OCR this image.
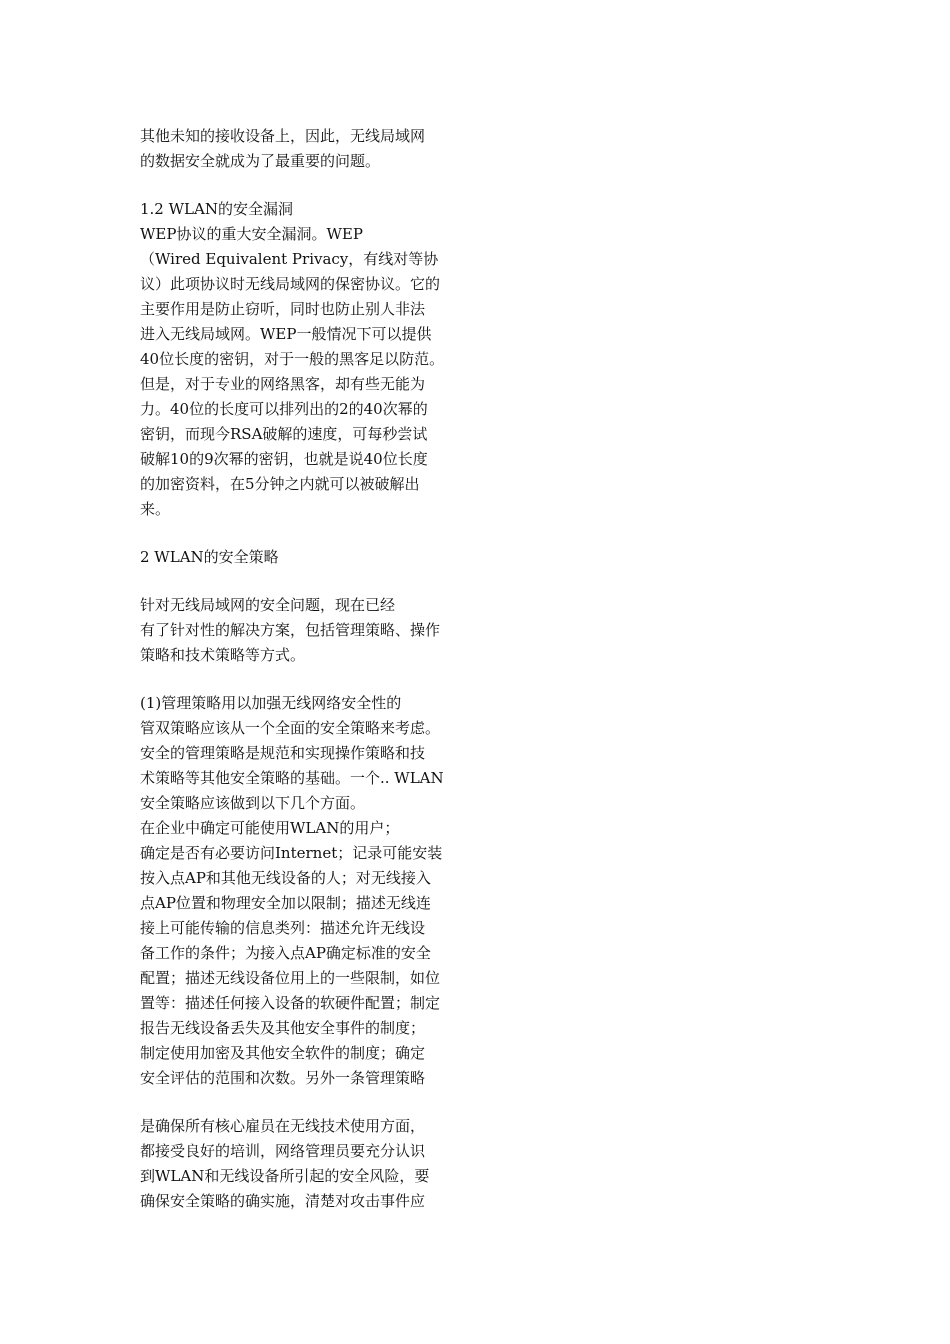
其他未知的接收设备上，因此，无线局域网
的数据安全就成为了最重要的问题。
1.2 WLAN的安全漏洞
WEP协议的重大安全漏洞。WEP
（Wired Equivalent Privacy，有线对等协
议）此项协议时无线局域网的保密协议。它的
主要作用是防止窃听，同时也防止别人非法
进入无线局域网。WEP一般情况下可以提供
40位长度的密钥，对于一般的黑客足以防范。
但是，对于专业的网络黑客，却有些无能为
力。40位的长度可以排列出的2的40次幂的
密钥，而现今RSA破解的速度，可每秒尝试
破解10的9次幂的密钥，也就是说40位长度
的加密资料，在5分钟之内就可以被破解出
来。
2 WLAN的安全策略
针对无线局域网的安全问题，现在已经
有了针对性的解决方案，包括管理策略、操作
策略和技术策略等方式。
(1)管理策略用以加强无线网络安全性的
管双策略应该从一个全面的安全策略来考虑。
安全的管理策略是规范和实现操作策略和技
术策略等其他安全策略的基础。一个.. WLAN
安全策略应该做到以下几个方面。
在企业中确定可能使用WLAN的用户；
确定是否有必要访问Internet；记录可能安装
按入点AP和其他无线设备的人；对无线接入
点AP位置和物理安全加以限制；描述无线连
接上可能传输的信息类列：描述允许无线设
备工作的条件；为接入点AP确定标准的安全
配置；描述无线设备位用上的一些限制，如位
置等：描述任何接入设备的软硬件配置；制定
报告无线设备丢失及其他安全事件的制度；
制定使用加密及其他安全软件的制度；确定
安全评估的范围和次数。另外一条管理策略
是确保所有核心雇员在无线技术使用方面，
都接受良好的培训，网络管理员要充分认识
到WLAN和无线设备所引起的安全风险，要
确保安全策略的确实施，清楚对攻击事件应
